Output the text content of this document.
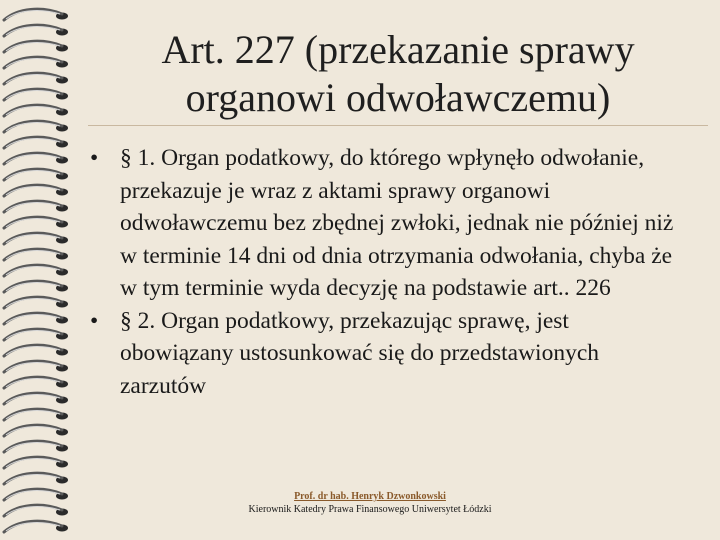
Art. 227 (przekazanie sprawy organowi odwoławczemu)
• § 1. Organ podatkowy, do którego wpłynęło odwołanie, przekazuje je wraz z aktami sprawy organowi odwoławczemu bez zbędnej zwłoki, jednak nie później niż w terminie 14 dni od dnia otrzymania odwołania, chyba że w tym terminie wyda decyzję na podstawie art.. 226
• § 2. Organ podatkowy, przekazując sprawę, jest obowiązany ustosunkować się do przedstawionych zarzutów
Prof. dr hab. Henryk Dzwonkowski
Kierownik Katedry Prawa Finansowego Uniwersytet Łódzki
